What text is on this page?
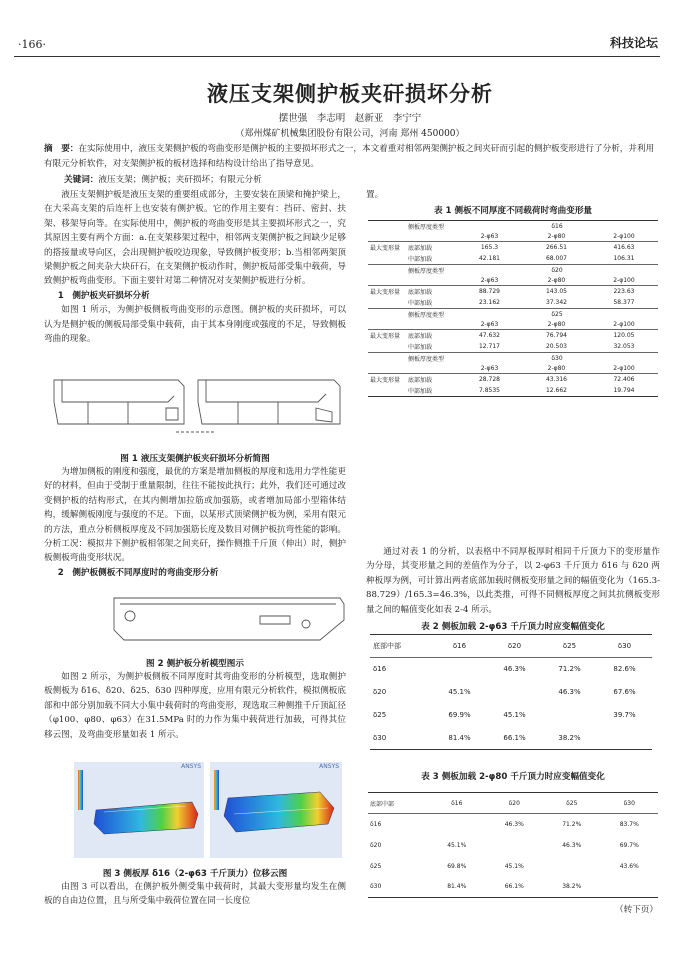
·166·	科技论坛
液压支架侧护板夹矸损坏分析
摆世强　李志明　赵新亚　李宁宁
（郑州煤矿机械集团股份有限公司，河南 郑州 450000）
摘　要：在实际使用中，液压支架侧护板的弯曲变形是侧护板的主要损坏形式之一，本文着重对相邻两架侧护板之间夹矸而引起的侧护板变形进行了分析，并利用有限元分析软件，对支架侧护板的板材选择和结构设计给出了指导意见。
关键词：液压支架；侧护板；夹矸损坏；有限元分析

液压支架侧护板是液压支架的重要组成部分，主要安装在顶梁和掩护梁上，在大采高支架的后连杆上也安装有侧护板。它的作用主要有：挡矸、密封、扶架、移架导向等。在实际使用中，侧护板的弯曲变形是其主要损坏形式之一，究其原因主要有两个方面：a.在支架移架过程中，相邻两支架侧护板之间缺少足够的搭接量或导向区，会出现侧护板咬边现象，导致侧护板变形；b.当相邻两架顶梁侧护板之间夹杂大块矸石，在支架侧护板动作时，侧护板局部受集中载荷，导致侧护板弯曲变形。下面主要针对第二种情况对支架侧护板进行分析。

1　侧护板夹矸损坏分析

如图 1 所示，为侧护板侧板弯曲变形的示意图。侧护板的夹矸损坏，可以认为是侧护板的侧板局部受集中载荷，由于其本身刚度或强度的不足，导致侧板弯曲的现象。

图 1 液压支架侧护板夹矸损坏分析简图

为增加侧板的刚度和强度，最优的方案是增加侧板的厚度和选用力学性能更好的材料，但由于受制于重量限制，往往不能按此执行；此外，我们还可通过改变侧护板的结构形式，在其内侧增加拉筋或加强筋，或者增加局部小型箱体结构，缓解侧板刚度与强度的不足。下面，以某形式顶梁侧护板为例，采用有限元的方法，重点分析侧板厚度及不同加强筋长度及数目对侧护板抗弯性能的影响。分析工况：模拟井下侧护板相邻架之间夹矸，操作侧推千斤顶（伸出）时，侧护板侧板弯曲变形状况。

2　侧护板侧板不同厚度时的弯曲变形分析
图 2 侧护板分析模型图示

如图 2 所示，为侧护板侧板不同厚度时其弯曲变形的分析模型，选取侧护板侧板为 δ16、δ20、δ25、δ30 四种厚度，应用有限元分析软件，模拟侧板底部和中部分别加载不同大小集中载荷时的弯曲变形，现选取三种侧推千斤顶缸径（φ100、φ80、φ63）在31.5MPa 时的力作为集中载荷进行加载，可得其位移云图，及弯曲变形量如表 1 所示。

ANSYS	ANSYS
图 3 侧板厚 δ16（2-φ63 千斤顶力）位移云图

由图 3 可以看出，在侧护板外侧受集中载荷时，其最大变形量均发生在侧板的自由边位置，且与所受集中载荷位置在同一长度位

置。
表 1 侧板不同厚度不同载荷时弯曲变形量
	侧板厚度类型	δ16		
		2-φ63	2-φ80	2-φ100
最大变形量	底部加载	165.3	266.51	416.63
	中部加载	42.181	68.007	106.31
	侧板厚度类型	δ20		
		2-φ63	2-φ80	2-φ100
最大变形量	底部加载	88.729	143.05	223.63
	中部加载	23.162	37.342	58.377
	侧板厚度类型	δ25		
		2-φ63	2-φ80	2-φ100
最大变形量	底部加载	47.632	76.794	120.05
	中部加载	12.717	20.503	32.053
	侧板厚度类型	δ30		
		2-φ63	2-φ80	2-φ100
最大变形量	底部加载	28.728	43.316	72.406
	中部加载	7.8535	12.662	19.794

通过对表 1 的分析，以表格中不同厚板厚时相同千斤顶力下的变形量作为分母，其变形量之间的差值作为分子，以 2-φ63 千斤顶力 δ16 与 δ20 两种板厚为例，可计算出两者底部加载时侧板变形量之间的幅值变化为（165.3-88.729）/165.3=46.3%，以此类推，可得不同侧板厚度之间其抗侧板变形量之间的幅值变化如表 2-4 所示。

表 2 侧板加载 2-φ63 千斤顶力时应变幅值变化
底部中部	δ16	δ20	δ25	δ30
δ16		46.3%	71.2%	82.6%
δ20	45.1%		46.3%	67.6%
δ25	69.9%	45.1%		39.7%
δ30	81.4%	66.1%	38.2%	
表 3 侧板加载 2-φ80 千斤顶力时应变幅值变化
底部中部	δ16	δ20	δ25	δ30
δ16		46.3%	71.2%	83.7%
δ20	45.1%		46.3%	69.7%
δ25	69.8%	45.1%		43.6%
δ30	81.4%	66.1%	38.2%	
（转下页）
